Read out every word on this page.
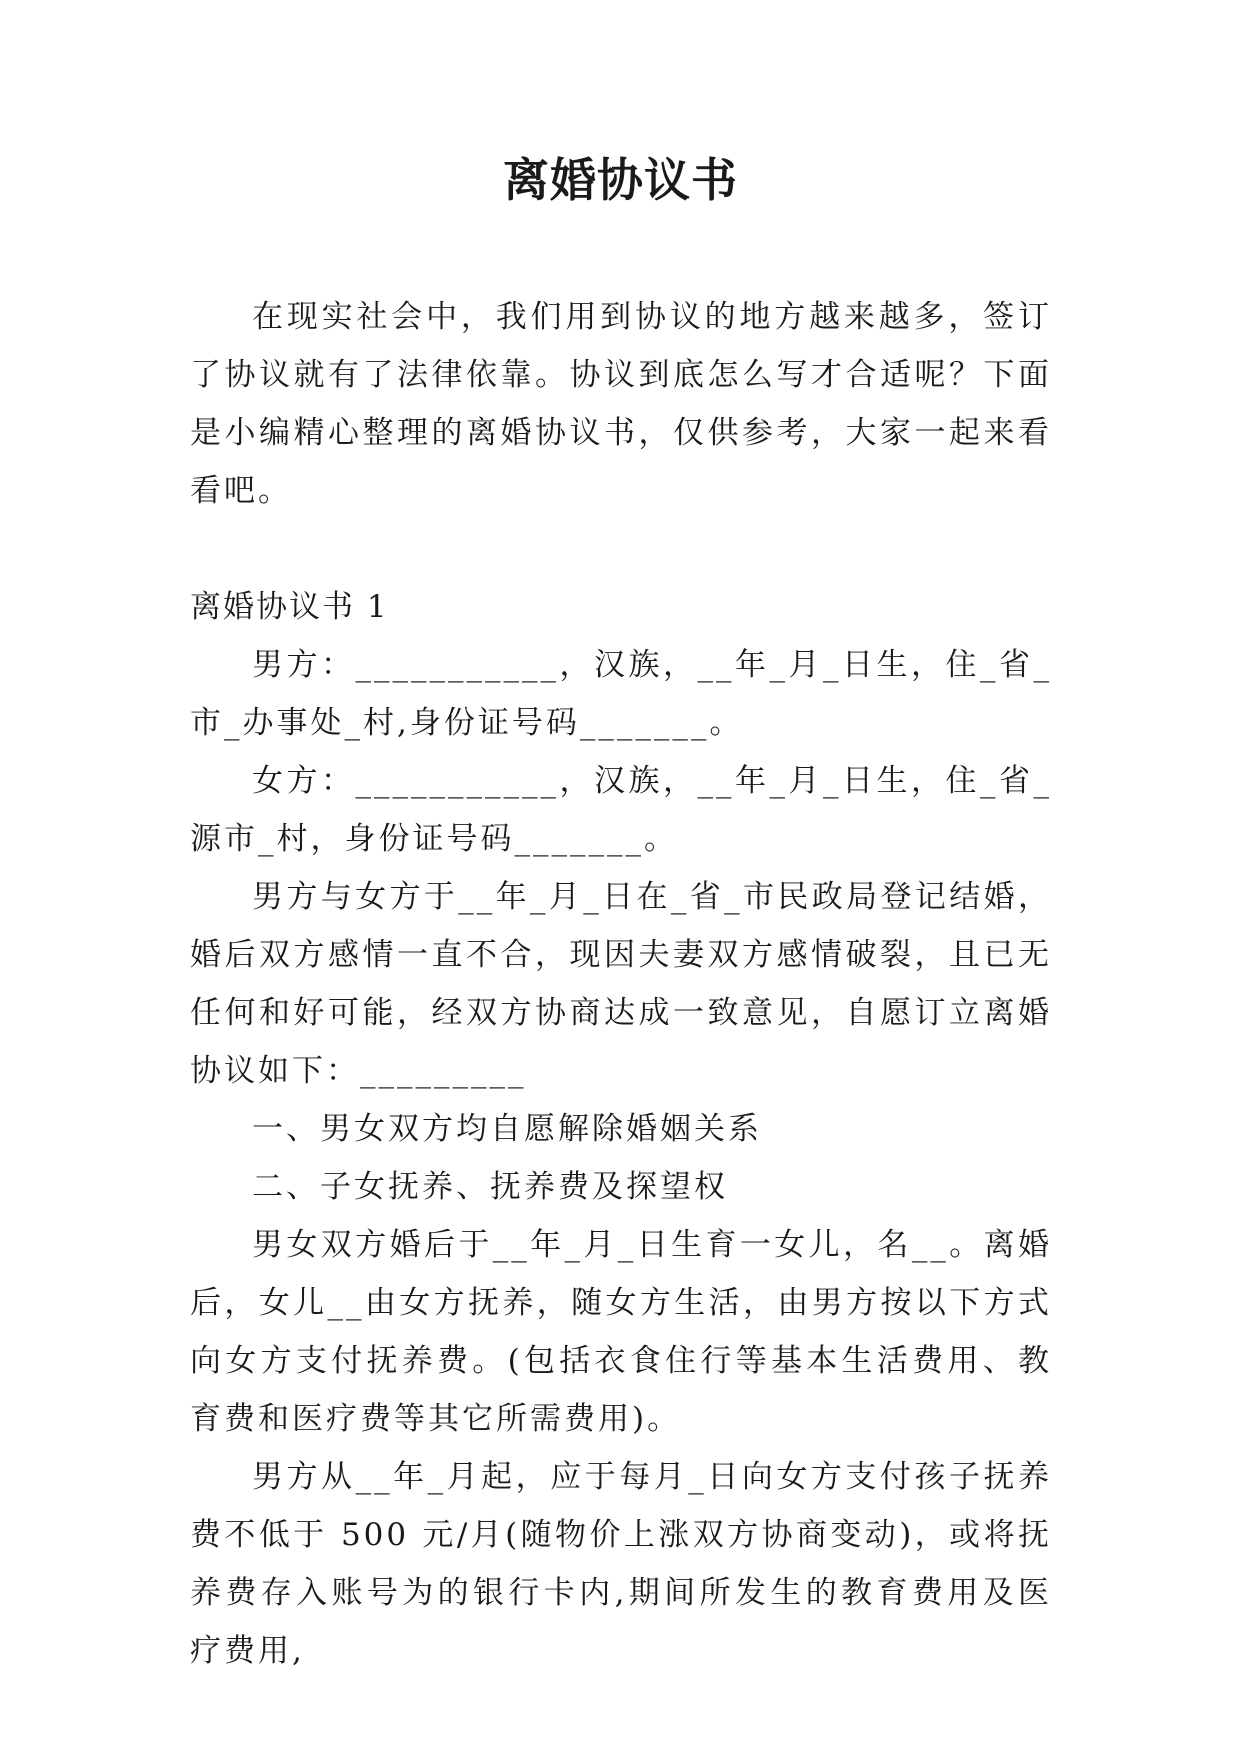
离婚协议书

在现实社会中，我们用到协议的地方越来越多，签订了协议就有了法律依靠。协议到底怎么写才合适呢？下面是小编精心整理的离婚协议书，仅供参考，大家一起来看看吧。

离婚协议书 1

男方：___________，汉族，__年_月_日生，住_省_市_办事处_村,身份证号码_______。

女方：___________，汉族，__年_月_日生，住_省_源市_村，身份证号码_______。

男方与女方于__年_月_日在_省_市民政局登记结婚，婚后双方感情一直不合，现因夫妻双方感情破裂，且已无任何和好可能，经双方协商达成一致意见，自愿订立离婚协议如下：_________

一、男女双方均自愿解除婚姻关系

二、子女抚养、抚养费及探望权

男女双方婚后于__年_月_日生育一女儿，名__。离婚后，女儿__由女方抚养，随女方生活，由男方按以下方式向女方支付抚养费。(包括衣食住行等基本生活费用、教育费和医疗费等其它所需费用)。

男方从__年_月起，应于每月_日向女方支付孩子抚养费不低于 500 元/月(随物价上涨双方协商变动)，或将抚养费存入账号为的银行卡内,期间所发生的教育费用及医疗费用,
